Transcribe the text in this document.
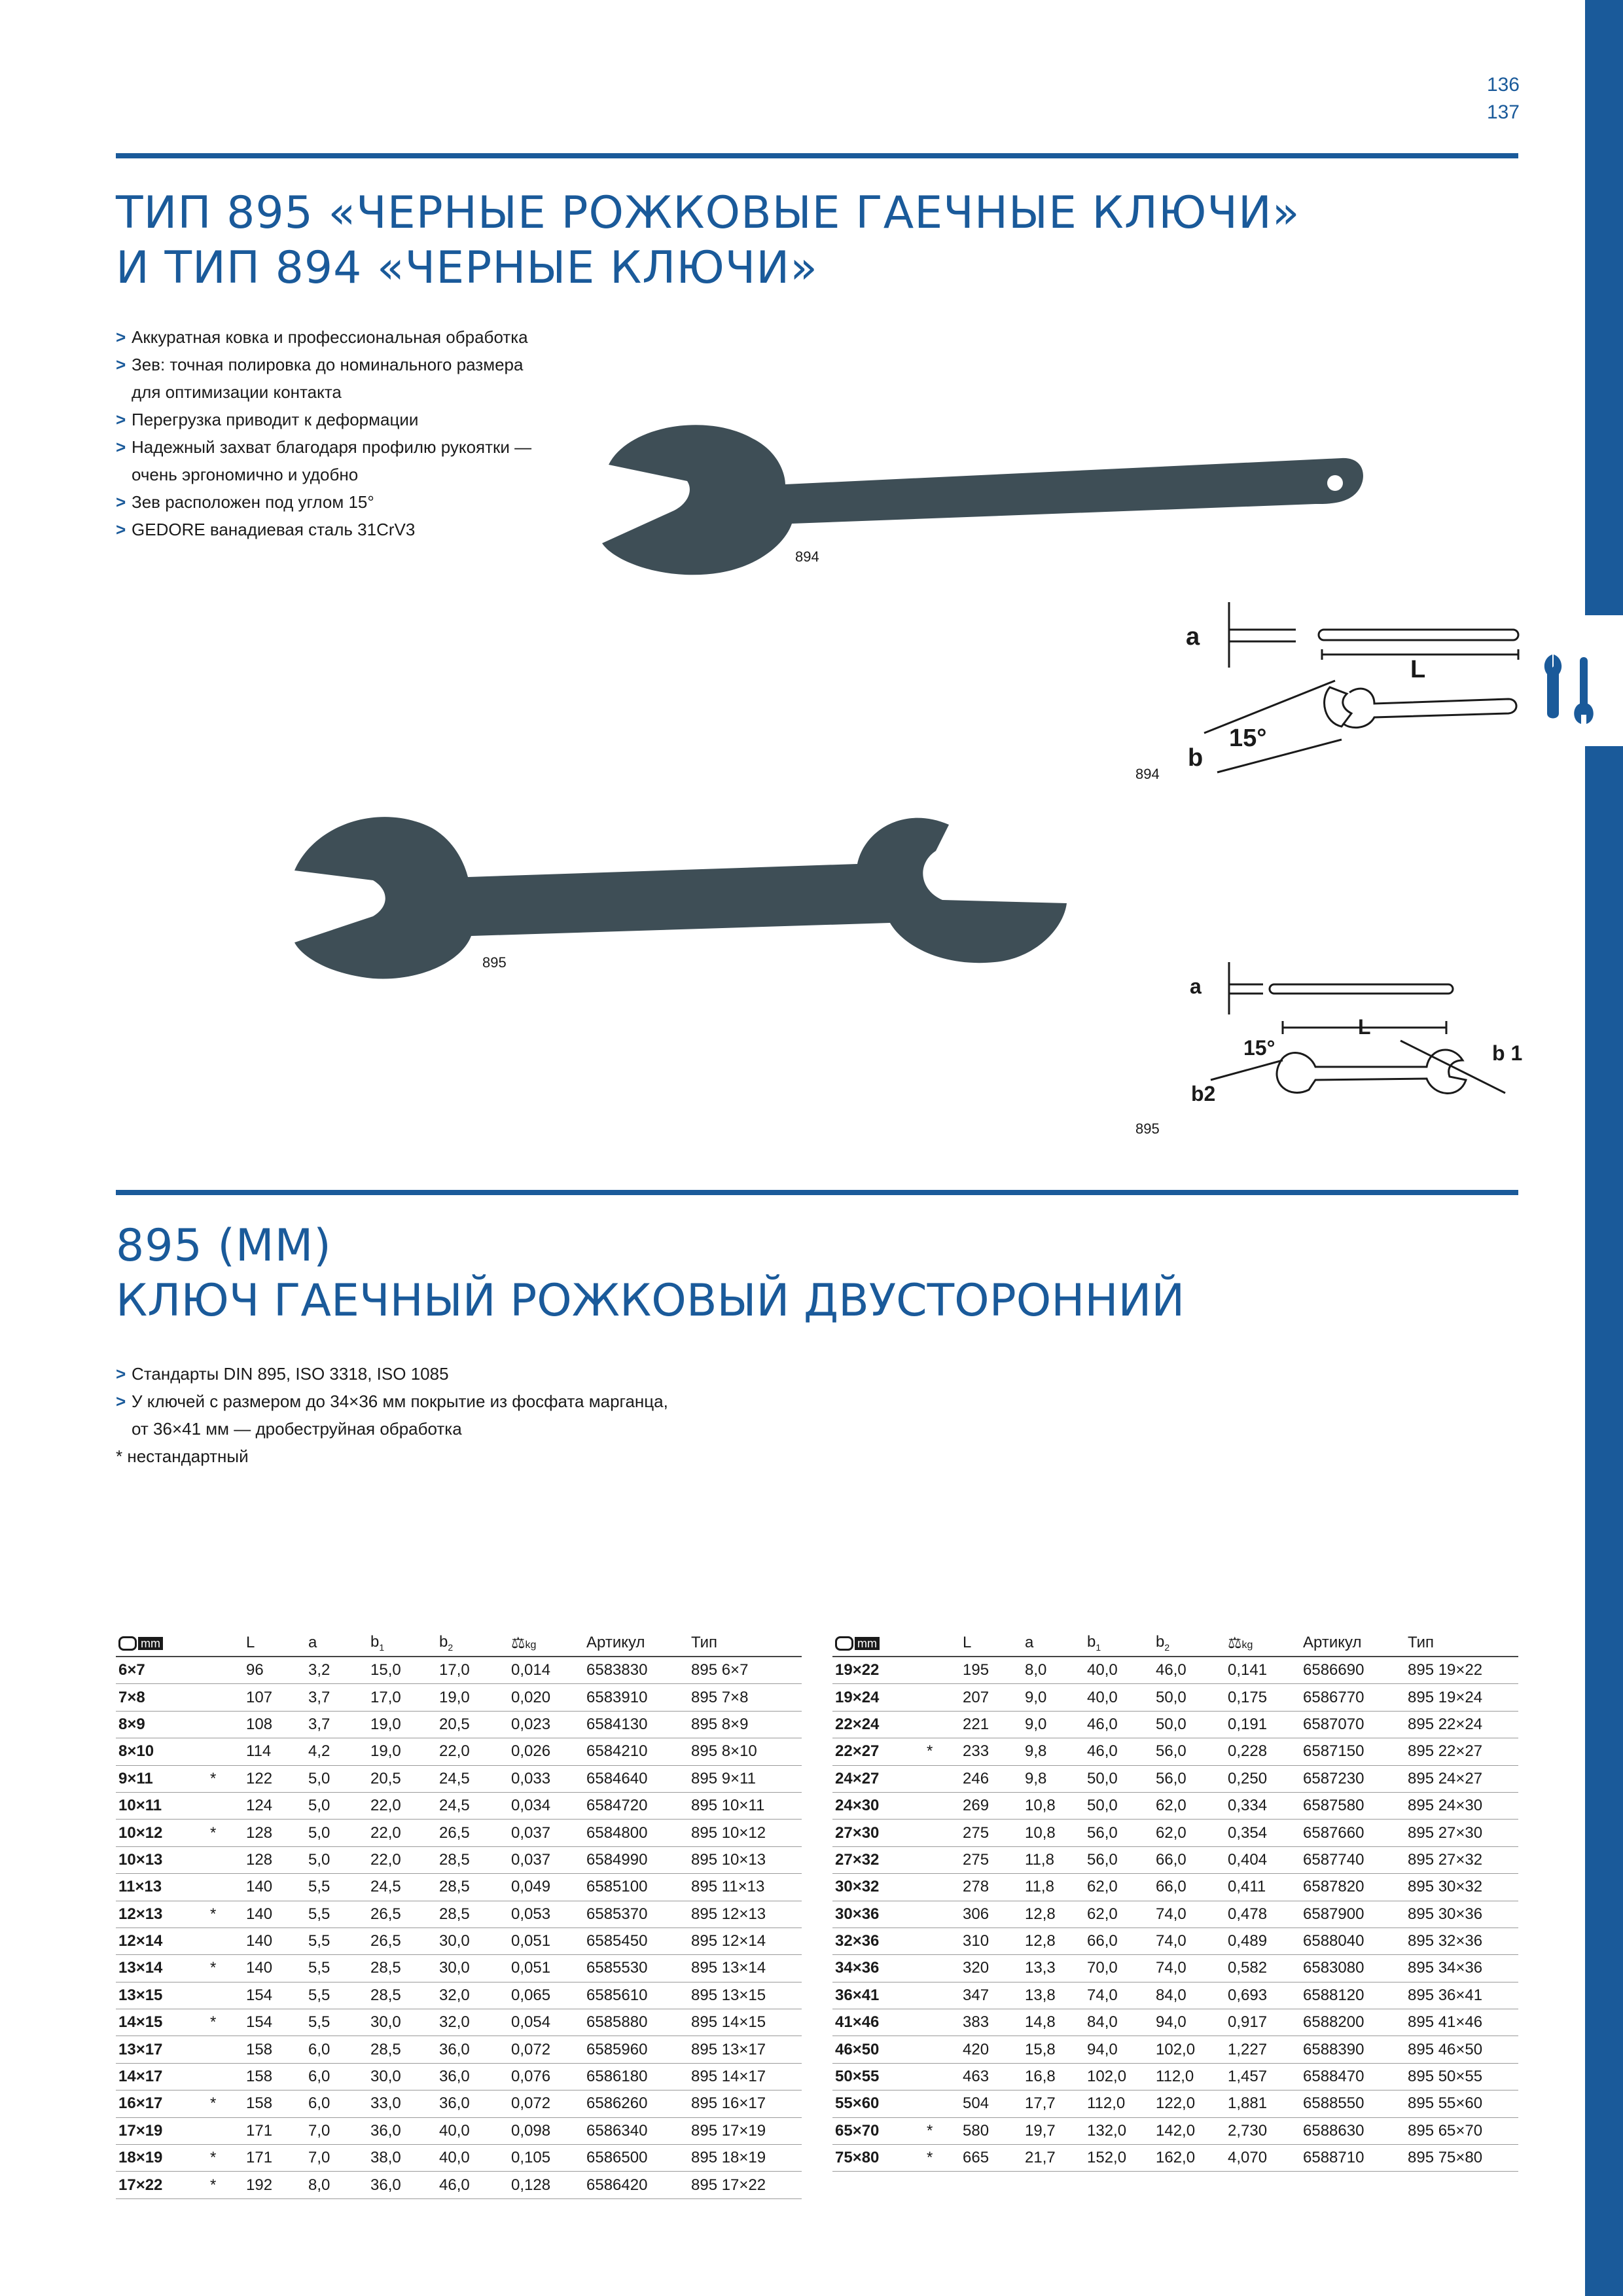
136
137
ТИП 895 «ЧЕРНЫЕ РОЖКОВЫЕ ГАЕЧНЫЕ КЛЮЧИ»
И ТИП 894 «ЧЕРНЫЕ КЛЮЧИ»
> Аккуратная ковка и профессиональная обработка
> Зев: точная полировка до номинального размера
для оптимизации контакта
> Перегрузка приводит к деформации
> Надежный захват благодаря профилю рукоятки —
очень эргономично и удобно
> Зев расположен под углом 15°
> GEDORE ванадиевая сталь 31CrV3
894
895
a
L
b
15°
894
a
L
b 1
b2
15°
895
895 (ММ)
КЛЮЧ ГАЕЧНЫЙ РОЖКОВЫЙ ДВУСТОРОННИЙ
> Стандарты DIN 895, ISO 3318, ISO 1085
> У ключей с размером до 34×36 мм покрытие из фосфата марганца,
от 36×41 мм — дробеструйная обработка
* нестандартный
mm		L	a	$b_1$	$b_2$	⚖kg	Артикул	Тип
6×7		96	3,2	15,0	17,0	0,014	6583830	895 6×7
7×8		107	3,7	17,0	19,0	0,020	6583910	895 7×8
8×9		108	3,7	19,0	20,5	0,023	6584130	895 8×9
8×10		114	4,2	19,0	22,0	0,026	6584210	895 8×10
9×11	*	122	5,0	20,5	24,5	0,033	6584640	895 9×11
10×11		124	5,0	22,0	24,5	0,034	6584720	895 10×11
10×12	*	128	5,0	22,0	26,5	0,037	6584800	895 10×12
10×13		128	5,0	22,0	28,5	0,037	6584990	895 10×13
11×13		140	5,5	24,5	28,5	0,049	6585100	895 11×13
12×13	*	140	5,5	26,5	28,5	0,053	6585370	895 12×13
12×14		140	5,5	26,5	30,0	0,051	6585450	895 12×14
13×14	*	140	5,5	28,5	30,0	0,051	6585530	895 13×14
13×15		154	5,5	28,5	32,0	0,065	6585610	895 13×15
14×15	*	154	5,5	30,0	32,0	0,054	6585880	895 14×15
13×17		158	6,0	28,5	36,0	0,072	6585960	895 13×17
14×17		158	6,0	30,0	36,0	0,076	6586180	895 14×17
16×17	*	158	6,0	33,0	36,0	0,072	6586260	895 16×17
17×19		171	7,0	36,0	40,0	0,098	6586340	895 17×19
18×19	*	171	7,0	38,0	40,0	0,105	6586500	895 18×19
17×22	*	192	8,0	36,0	46,0	0,128	6586420	895 17×22
mm		L	a	$b_1$	$b_2$	⚖kg	Артикул	Тип
19×22		195	8,0	40,0	46,0	0,141	6586690	895 19×22
19×24		207	9,0	40,0	50,0	0,175	6586770	895 19×24
22×24		221	9,0	46,0	50,0	0,191	6587070	895 22×24
22×27	*	233	9,8	46,0	56,0	0,228	6587150	895 22×27
24×27		246	9,8	50,0	56,0	0,250	6587230	895 24×27
24×30		269	10,8	50,0	62,0	0,334	6587580	895 24×30
27×30		275	10,8	56,0	62,0	0,354	6587660	895 27×30
27×32		275	11,8	56,0	66,0	0,404	6587740	895 27×32
30×32		278	11,8	62,0	66,0	0,411	6587820	895 30×32
30×36		306	12,8	62,0	74,0	0,478	6587900	895 30×36
32×36		310	12,8	66,0	74,0	0,489	6588040	895 32×36
34×36		320	13,3	70,0	74,0	0,582	6583080	895 34×36
36×41		347	13,8	74,0	84,0	0,693	6588120	895 36×41
41×46		383	14,8	84,0	94,0	0,917	6588200	895 41×46
46×50		420	15,8	94,0	102,0	1,227	6588390	895 46×50
50×55		463	16,8	102,0	112,0	1,457	6588470	895 50×55
55×60		504	17,7	112,0	122,0	1,881	6588550	895 55×60
65×70	*	580	19,7	132,0	142,0	2,730	6588630	895 65×70
75×80	*	665	21,7	152,0	162,0	4,070	6588710	895 75×80
